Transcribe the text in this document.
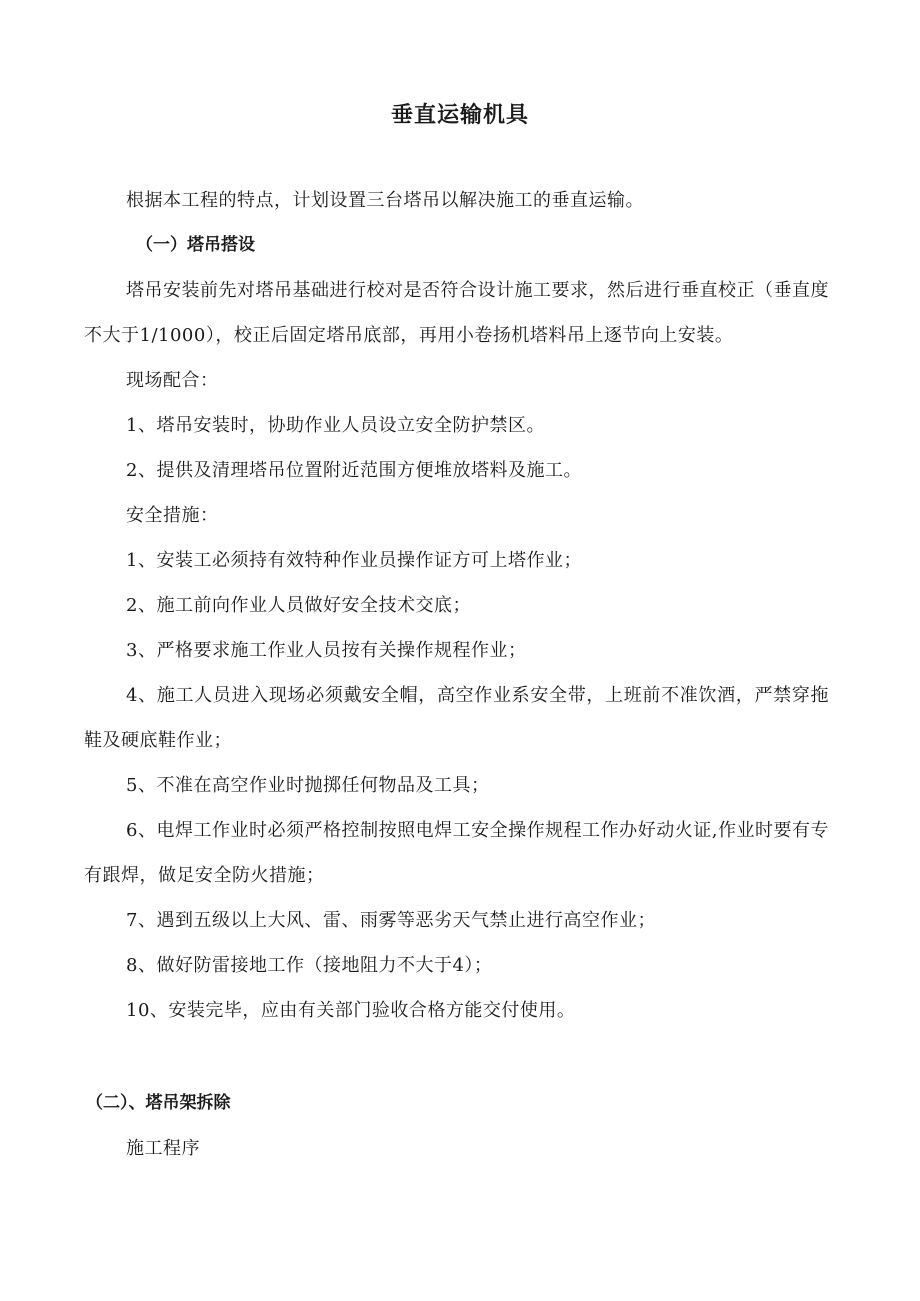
垂直运输机具

根据本工程的特点，计划设置三台塔吊以解决施工的垂直运输。

（一）塔吊搭设

塔吊安装前先对塔吊基础进行校对是否符合设计施工要求，然后进行垂直校正（垂直度不大于1/1000），校正后固定塔吊底部，再用小卷扬机塔料吊上逐节向上安装。

现场配合：

1、塔吊安装时，协助作业人员设立安全防护禁区。

2、提供及清理塔吊位置附近范围方便堆放塔料及施工。

安全措施：

1、安装工必须持有效特种作业员操作证方可上塔作业；

2、施工前向作业人员做好安全技术交底；

3、严格要求施工作业人员按有关操作规程作业；

4、施工人员进入现场必须戴安全帽，高空作业系安全带，上班前不准饮酒，严禁穿拖鞋及硬底鞋作业；

5、不准在高空作业时抛掷任何物品及工具；

6、电焊工作业时必须严格控制按照电焊工安全操作规程工作办好动火证,作业时要有专有跟焊，做足安全防火措施；

7、遇到五级以上大风、雷、雨雾等恶劣天气禁止进行高空作业；

8、做好防雷接地工作（接地阻力不大于4）；

10、安装完毕，应由有关部门验收合格方能交付使用。

（二）、塔吊架拆除

施工程序
